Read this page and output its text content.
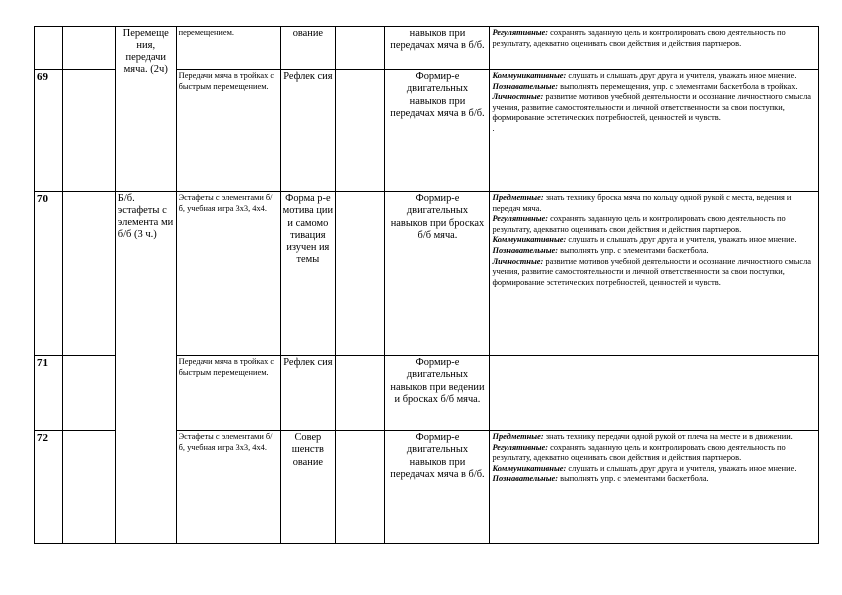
		Перемеще ния, передачи мяча. (2ч)	перемещением.	ование		навыков при передачах мяча в б/б.	Регулятивные: сохранять заданную цель и контролировать свою деятельность по результату, адекватно оценивать свои действия и действия партнеров.

69			Передачи мяча в тройках с быстрым перемещением.	Рефлек сия		Формир-е двигательных навыков при передачах мяча в б/б.	Коммуникативные: слушать и слышать друг друга и учителя, уважать иное мнение.

Познавательные: выполнять перемещения, упр. с элементами баскетбола в тройках.

Личностные: развитие мотивов учебной деятельности и осознание личностного смысла учения, развитие самостоятельности и личной ответственности за свои поступки, формирование эстетических потребностей, ценностей и чувств.

.

70		Б/б. эстафеты с элемента ми б/б (3 ч.)	Эстафеты с элементами б/б, учебная игра 3х3, 4х4.	Форма р-е мотива ции и самомо тивация изучен ия темы		Формир-е двигательных навыков при бросках б/б мяча.	Предметные: знать технику броска мяча по кольцу одной рукой с места, ведения и передач мяча.

Регулятивные: сохранять заданную цель и контролировать свою деятельность по результату, адекватно оценивать свои действия и действия партнеров.

Коммуникативные: слушать и слышать друг друга и учителя, уважать иное мнение.

Познавательные: выполнять упр. с элементами баскетбола.

Личностные: развитие мотивов учебной деятельности и осознание личностного смысла учения, развитие самостоятельности и личной ответственности за свои поступки, формирование эстетических потребностей, ценностей и чувств.

71			Передачи мяча в тройках с быстрым перемещением.	Рефлек сия		Формир-е двигательных навыков при ведении и бросках б/б мяча.	
72			Эстафеты с элементами б/б, учебная игра 3х3, 4х4.	Совер шенств ование		Формир-е двигательных навыков при передачах мяча в б/б.	Предметные: знать технику передачи одной рукой от плеча на месте и в движении.

Регулятивные: сохранять заданную цель и контролировать свою деятельность по результату, адекватно оценивать свои действия и действия партнеров.

Коммуникативные: слушать и слышать друг друга и учителя, уважать иное мнение.

Познавательные: выполнять упр. с элементами баскетбола.
